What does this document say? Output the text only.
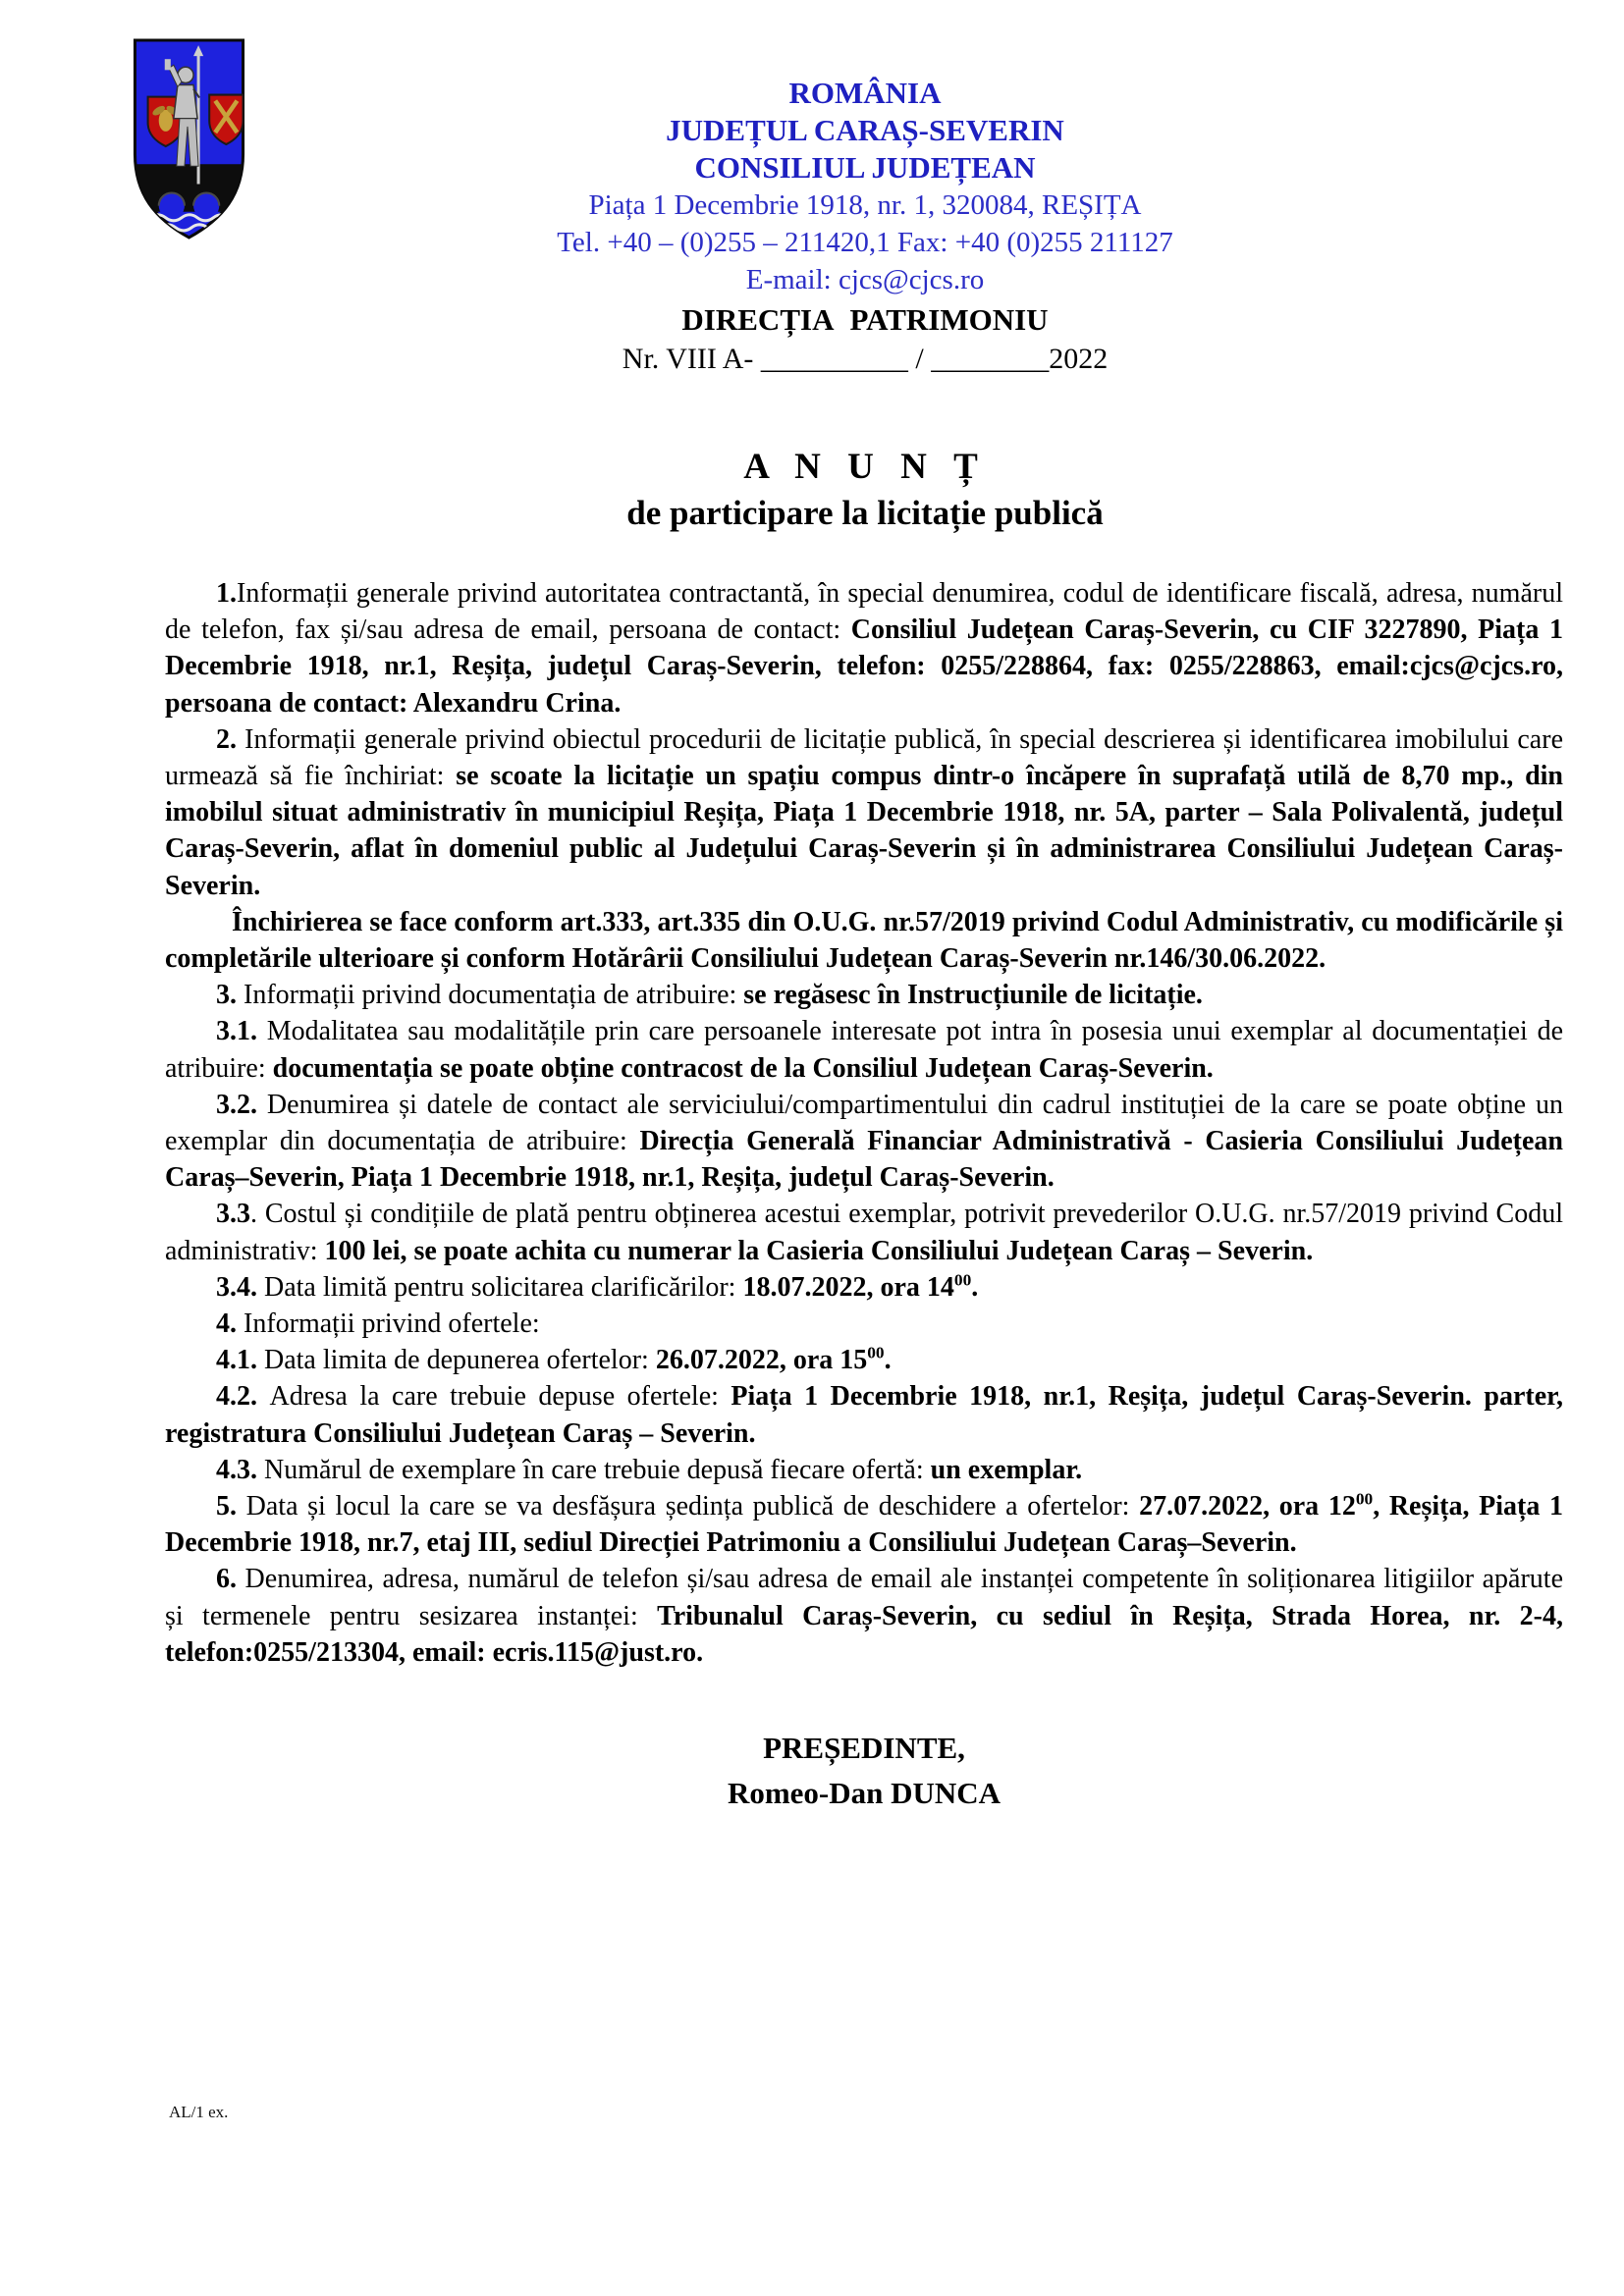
ROMÂNIA
JUDEȚUL CARAȘ-SEVERIN
CONSILIUL JUDEȚEAN
Piața 1 Decembrie 1918, nr. 1, 320084, REȘIȚA
Tel. +40 – (0)255 – 211420,1 Fax: +40 (0)255 211127
E-mail: cjcs@cjcs.ro
DIRECȚIA PATRIMONIU
Nr. VIII A- __________ / ________2022
A N U N Ț
de participare la licitație publică
1.Informații generale privind autoritatea contractantă, în special denumirea, codul de identificare fiscală, adresa, numărul de telefon, fax și/sau adresa de email, persoana de contact: Consiliul Județean Caraș-Severin, cu CIF 3227890, Piața 1 Decembrie 1918, nr.1, Reșița, județul Caraș-Severin, telefon: 0255/228864, fax: 0255/228863, email:cjcs@cjcs.ro, persoana de contact: Alexandru Crina.
2. Informații generale privind obiectul procedurii de licitație publică, în special descrierea și identificarea imobilului care urmează să fie închiriat: se scoate la licitație un spațiu compus dintr-o încăpere în suprafață utilă de 8,70 mp., din imobilul situat administrativ în municipiul Reșița, Piața 1 Decembrie 1918, nr. 5A, parter – Sala Polivalentă, județul Caraș-Severin, aflat în domeniul public al Județului Caraș-Severin și în administrarea Consiliului Județean Caraș-Severin.
Închirierea se face conform art.333, art.335 din O.U.G. nr.57/2019 privind Codul Administrativ, cu modificările și completările ulterioare și conform Hotărârii Consiliului Județean Caraș-Severin nr.146/30.06.2022.
3. Informații privind documentația de atribuire: se regăsesc în Instrucțiunile de licitație.
3.1. Modalitatea sau modalitățile prin care persoanele interesate pot intra în posesia unui exemplar al documentației de atribuire: documentația se poate obține contracost de la Consiliul Județean Caraș-Severin.
3.2. Denumirea și datele de contact ale serviciului/compartimentului din cadrul instituției de la care se poate obține un exemplar din documentația de atribuire: Direcția Generală Financiar Administrativă - Casieria Consiliului Județean Caraș–Severin, Piața 1 Decembrie 1918, nr.1, Reșița, județul Caraș-Severin.
3.3. Costul și condițiile de plată pentru obținerea acestui exemplar, potrivit prevederilor O.U.G. nr.57/2019 privind Codul administrativ: 100 lei, se poate achita cu numerar la Casieria Consiliului Județean Caraș – Severin.
3.4. Data limită pentru solicitarea clarificărilor: 18.07.2022, ora $14^{00}$.
4. Informații privind ofertele:
4.1. Data limita de depunerea ofertelor: 26.07.2022, ora $15^{00}$.
4.2. Adresa la care trebuie depuse ofertele: Piața 1 Decembrie 1918, nr.1, Reșița, județul Caraș-Severin. parter, registratura Consiliului Județean Caraș – Severin.
4.3. Numărul de exemplare în care trebuie depusă fiecare ofertă: un exemplar.
5. Data și locul la care se va desfășura ședința publică de deschidere a ofertelor: 27.07.2022, ora $12^{00}$, Reșița, Piața 1 Decembrie 1918, nr.7, etaj III, sediul Direcției Patrimoniu a Consiliului Județean Caraș–Severin.
6. Denumirea, adresa, numărul de telefon și/sau adresa de email ale instanței competente în soliționarea litigiilor apărute și termenele pentru sesizarea instanței: Tribunalul Caraș-Severin, cu sediul în Reșița, Strada Horea, nr. 2-4, telefon:0255/213304, email: ecris.115@just.ro.
PREȘEDINTE,
Romeo-Dan DUNCA
AL/1 ex.
